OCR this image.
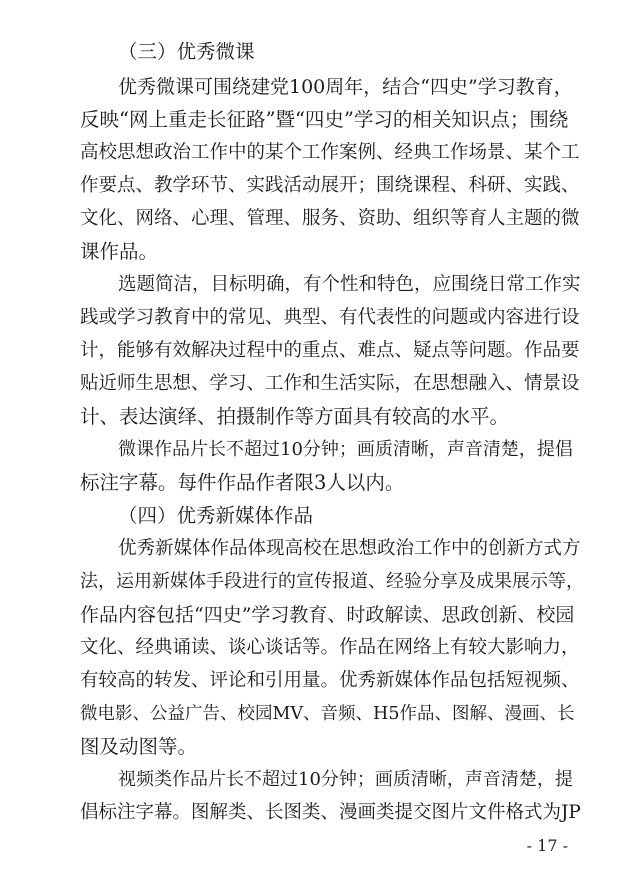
（三）优秀微课
优秀微课可围绕建党100周年，结合“四史”学习教育，
反映“网上重走长征路”暨“四史”学习的相关知识点；围绕
高校思想政治工作中的某个工作案例、经典工作场景、某个工
作要点、教学环节、实践活动展开；围绕课程、科研、实践、
文化、网络、心理、管理、服务、资助、组织等育人主题的微
课作品。
选题简洁，目标明确，有个性和特色，应围绕日常工作实
践或学习教育中的常见、典型、有代表性的问题或内容进行设
计，能够有效解决过程中的重点、难点、疑点等问题。作品要
贴近师生思想、学习、工作和生活实际，在思想融入、情景设
计、表达演绎、拍摄制作等方面具有较高的水平。
微课作品片长不超过10分钟；画质清晰，声音清楚，提倡
标注字幕。每件作品作者限3人以内。
（四）优秀新媒体作品
优秀新媒体作品体现高校在思想政治工作中的创新方式方
法，运用新媒体手段进行的宣传报道、经验分享及成果展示等，
作品内容包括“四史”学习教育、时政解读、思政创新、校园
文化、经典诵读、谈心谈话等。作品在网络上有较大影响力，
有较高的转发、评论和引用量。优秀新媒体作品包括短视频、
微电影、公益广告、校园MV、音频、H5作品、图解、漫画、长
图及动图等。
视频类作品片长不超过10分钟；画质清晰，声音清楚，提
倡标注字幕。图解类、长图类、漫画类提交图片文件格式为JP
- 17 -
